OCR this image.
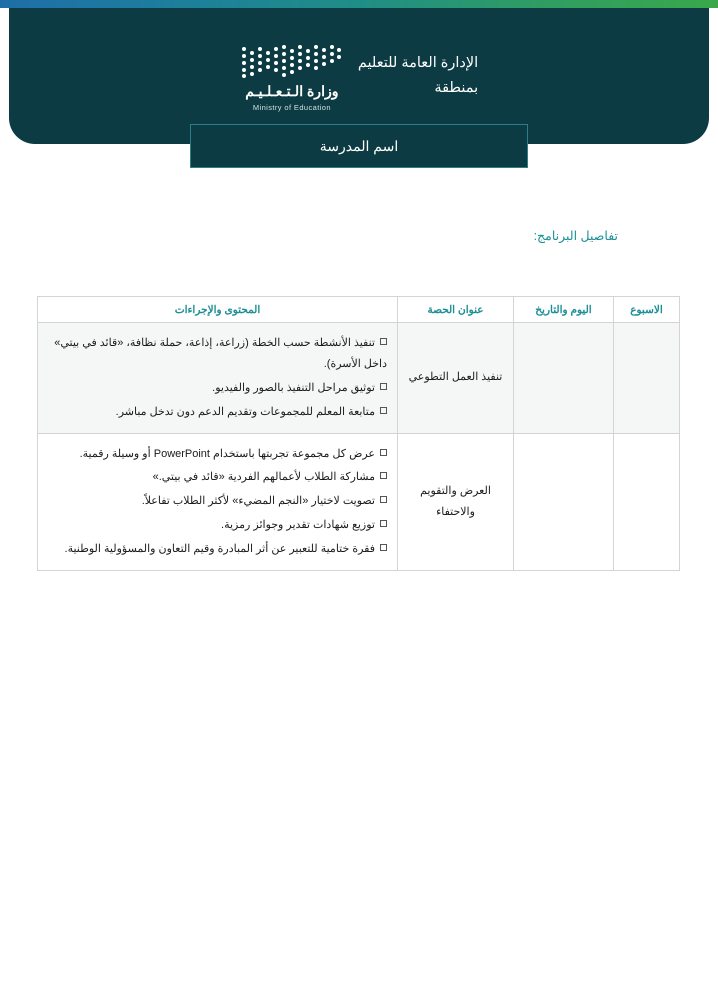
الإدارة العامة للتعليم
بمنطقة
وزارة الـتـعـلـيـم
Ministry of Education
اسم المدرسة
تفاصيل البرنامج:
الاسبوع	اليوم والتاريخ	عنوان الحصة	المحتوى والإجراءات
		تنفيذ العمل التطوعي	تنفيذ الأنشطة حسب الخطة (زراعة، إذاعة، حملة نظافة، «قائد في بيتي» داخل الأسرة).
توثيق مراحل التنفيذ بالصور والفيديو.
متابعة المعلم للمجموعات وتقديم الدعم دون تدخل مباشر.

		العرض والتقويم والاحتفاء	عرض كل مجموعة تجربتها باستخدام PowerPoint أو وسيلة رقمية.
مشاركة الطلاب لأعمالهم الفردية «قائد في بيتي.»
تصويت لاختيار «النجم المضيء» لأكثر الطلاب تفاعلاً.
توزيع شهادات تقدير وجوائز رمزية.
فقرة ختامية للتعبير عن أثر المبادرة وقيم التعاون والمسؤولية الوطنية.
